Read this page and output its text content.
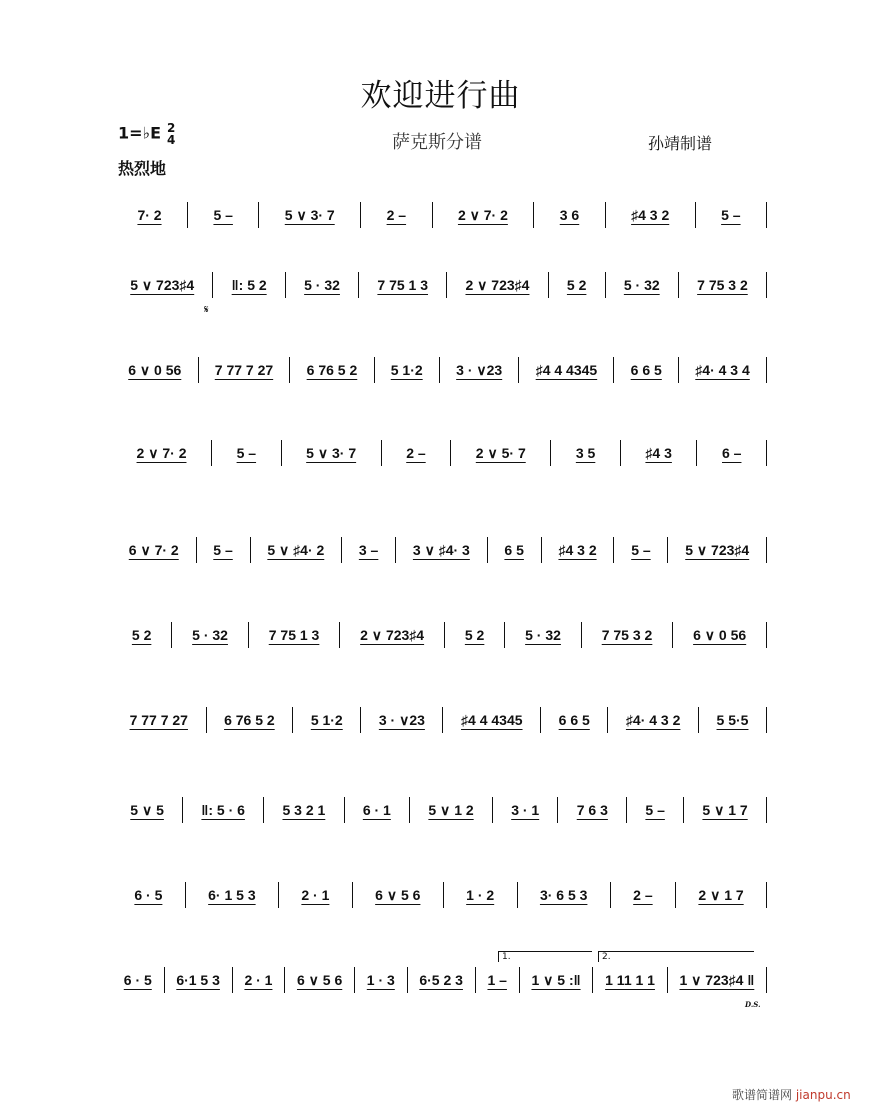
欢迎进行曲
1=♭E 2
4	萨克斯分谱	孙靖制谱
热烈地
𝄋
7· 2	5 –	5 ∨ 3· 7	2 –	2 ∨ 7· 2	3 6	♯4 3 2	5 –
5 ∨ 723♯4	‖: 5 2	5 · 32	7 75 1 3	2 ∨ 723♯4	5 2	5 · 32	7 75 3 2
6 ∨ 0 56	7 77 7 27	6 76 5 2	5 1·2	3 · ∨23	♯4 4 4345	6 6 5	♯4· 4 3 4
2 ∨ 7· 2	5 –	5 ∨ 3· 7	2 –	2 ∨ 5· 7	3 5	♯4 3	6 –
6 ∨ 7· 2	5 –	5 ∨ ♯4· 2	3 –	3 ∨ ♯4· 3	6 5	♯4 3 2	5 –	5 ∨ 723♯4
5 2	5 · 32	7 75 1 3	2 ∨ 723♯4	5 2	5 · 32	7 75 3 2	6 ∨ 0 56
7 77 7 27	6 76 5 2	5 1·2	3 · ∨23	♯4 4 4345	6 6 5	♯4· 4 3 2	5 5·5
5 ∨ 5	‖: 5 · 6	5 3 2 1	6 · 1	5 ∨ 1 2	3 · 1	7 6 3	5 –	5 ∨ 1 7
6 · 5	6· 1 5 3	2 · 1	6 ∨ 5 6	1 · 2	3· 6 5 3	2 –	2 ∨ 1 7
6 · 5	6·1 5 3	2 · 1	6 ∨ 5 6	1 · 3	6·5 2 3	1 –	1 ∨ 5 :‖	1 11 1 1	1 ∨ 723♯4 ‖
1.	2.
D.S.
歌谱简谱网 jianpu.cn
